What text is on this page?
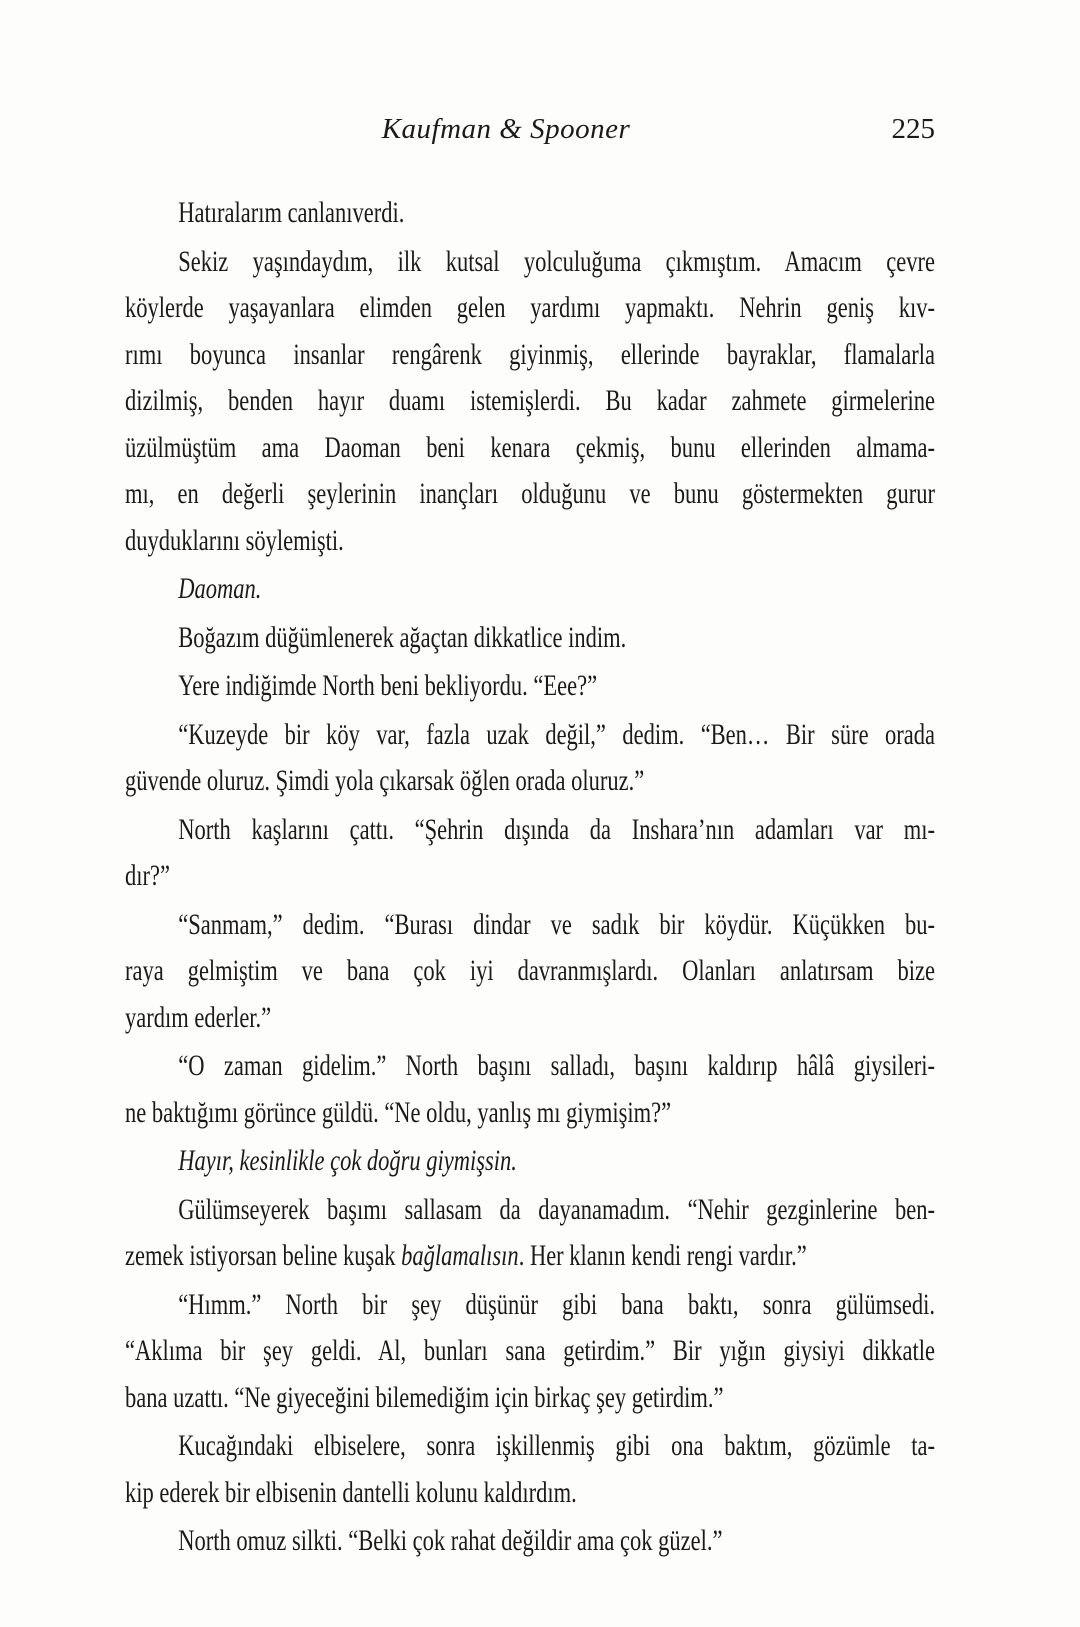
Kaufman & Spooner	225
Hatıralarım canlanıverdi.
Sekiz yaşındaydım, ilk kutsal yolculuğuma çıkmıştım. Amacım çevre
köylerde yaşayanlara elimden gelen yardımı yapmaktı. Nehrin geniş kıv-
rımı boyunca insanlar rengârenk giyinmiş, ellerinde bayraklar, flamalarla
dizilmiş, benden hayır duamı istemişlerdi. Bu kadar zahmete girmelerine
üzülmüştüm ama Daoman beni kenara çekmiş, bunu ellerinden almama-
mı, en değerli şeylerinin inançları olduğunu ve bunu göstermekten gurur
duyduklarını söylemişti.
Daoman.
Boğazım düğümlenerek ağaçtan dikkatlice indim.
Yere indiğimde North beni bekliyordu. “Eee?”
“Kuzeyde bir köy var, fazla uzak değil,” dedim. “Ben… Bir süre orada
güvende oluruz. Şimdi yola çıkarsak öğlen orada oluruz.”
North kaşlarını çattı. “Şehrin dışında da Inshara’nın adamları var mı-
dır?”
“Sanmam,” dedim. “Burası dindar ve sadık bir köydür. Küçükken bu-
raya gelmiştim ve bana çok iyi davranmışlardı. Olanları anlatırsam bize
yardım ederler.”
“O zaman gidelim.” North başını salladı, başını kaldırıp hâlâ giysileri-
ne baktığımı görünce güldü. “Ne oldu, yanlış mı giymişim?”
Hayır, kesinlikle çok doğru giymişsin.
Gülümseyerek başımı sallasam da dayanamadım. “Nehir gezginlerine ben-
zemek istiyorsan beline kuşak bağlamalısın. Her klanın kendi rengi vardır.”
“Hımm.” North bir şey düşünür gibi bana baktı, sonra gülümsedi.
“Aklıma bir şey geldi. Al, bunları sana getirdim.” Bir yığın giysiyi dikkatle
bana uzattı. “Ne giyeceğini bilemediğim için birkaç şey getirdim.”
Kucağındaki elbiselere, sonra işkillenmiş gibi ona baktım, gözümle ta-
kip ederek bir elbisenin dantelli kolunu kaldırdım.
North omuz silkti. “Belki çok rahat değildir ama çok güzel.”
